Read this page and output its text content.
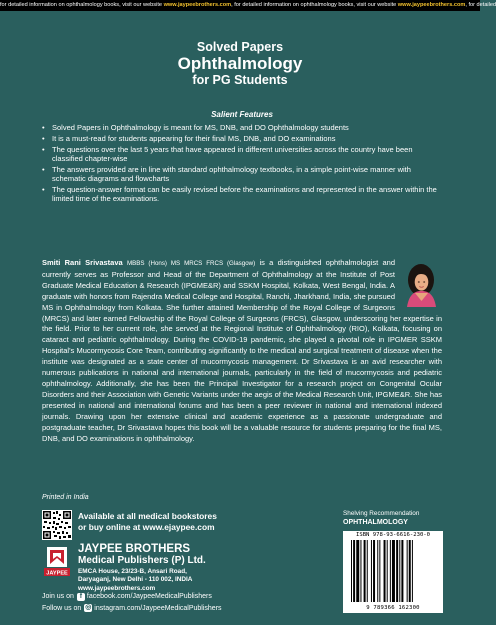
for detailed information on ophthalmology books, visit our website www.jaypeebrothers.com, for detailed information on ophthalmology books, visit our website www.jaypeebrothers.com, for detailed
Solved Papers
Ophthalmology
for PG Students
Salient Features
• Solved Papers in Ophthalmology is meant for MS, DNB, and DO Ophthalmology students
• It is a must-read for students appearing for their final MS, DNB, and DO examinations
• The questions over the last 5 years that have appeared in different universities across the country have been classified chapter-wise
• The answers provided are in line with standard ophthalmology textbooks, in a simple point-wise manner with schematic diagrams and flowcharts
• The question-answer format can be easily revised before the examinations and represented in the answer within the limited time of the examinations.
Smiti Rani Srivastava MBBS (Hons) MS MRCS FRCS (Glasgow) is a distinguished ophthalmologist and currently serves as Professor and Head of the Department of Ophthalmology at the Institute of Post Graduate Medical Education & Research (IPGME&R) and SSKM Hospital, Kolkata, West Bengal, India. A graduate with honors from Rajendra Medical College and Hospital, Ranchi, Jharkhand, India, she pursued MS in Ophthalmology from Kolkata. She further attained Membership of the Royal College of Surgeons (MRCS) and later earned Fellowship of the Royal College of Surgeons (FRCS), Glasgow, underscoring her expertise in the field. Prior to her current role, she served at the Regional Institute of Ophthalmology (RIO), Kolkata, focusing on cataract and pediatric ophthalmology. During the COVID-19 pandemic, she played a pivotal role in IPGMER SSKM Hospital's Mucormycosis Core Team, contributing significantly to the medical and surgical treatment of disease when the institute was designated as a state center of mucormycosis management. Dr Srivastava is an avid researcher with numerous publications in national and international journals, particularly in the field of mucormycosis and pediatric ophthalmology. Additionally, she has been the Principal Investigator for a research project on Congenital Ocular Disorders and their Association with Genetic Variants under the aegis of the Medical Research Unit, IPGME&R. She has presented in national and international forums and has been a peer reviewer in national and international indexed journals. Drawing upon her extensive clinical and academic experience as a passionate undergraduate and postgraduate teacher, Dr Srivastava hopes this book will be a valuable resource for students preparing for the final MS, DNB, and DO examinations in ophthalmology.
Printed in India
Available at all medical bookstores
or buy online at www.ejaypee.com
JAYPEE
JAYPEE BROTHERS
Medical Publishers (P) Ltd.
EMCA House, 23/23-B, Ansari Road,
Daryaganj, New Delhi - 110 002, INDIA
www.jaypeebrothers.com
Join us on f facebook.com/JaypeeMedicalPublishers
Follow us on ◎ instagram.com/JaypeeMedicalPublishers
Shelving Recommendation
OPHTHALMOLOGY
ISBN 978-93-6616-230-0
9 789366 162300
